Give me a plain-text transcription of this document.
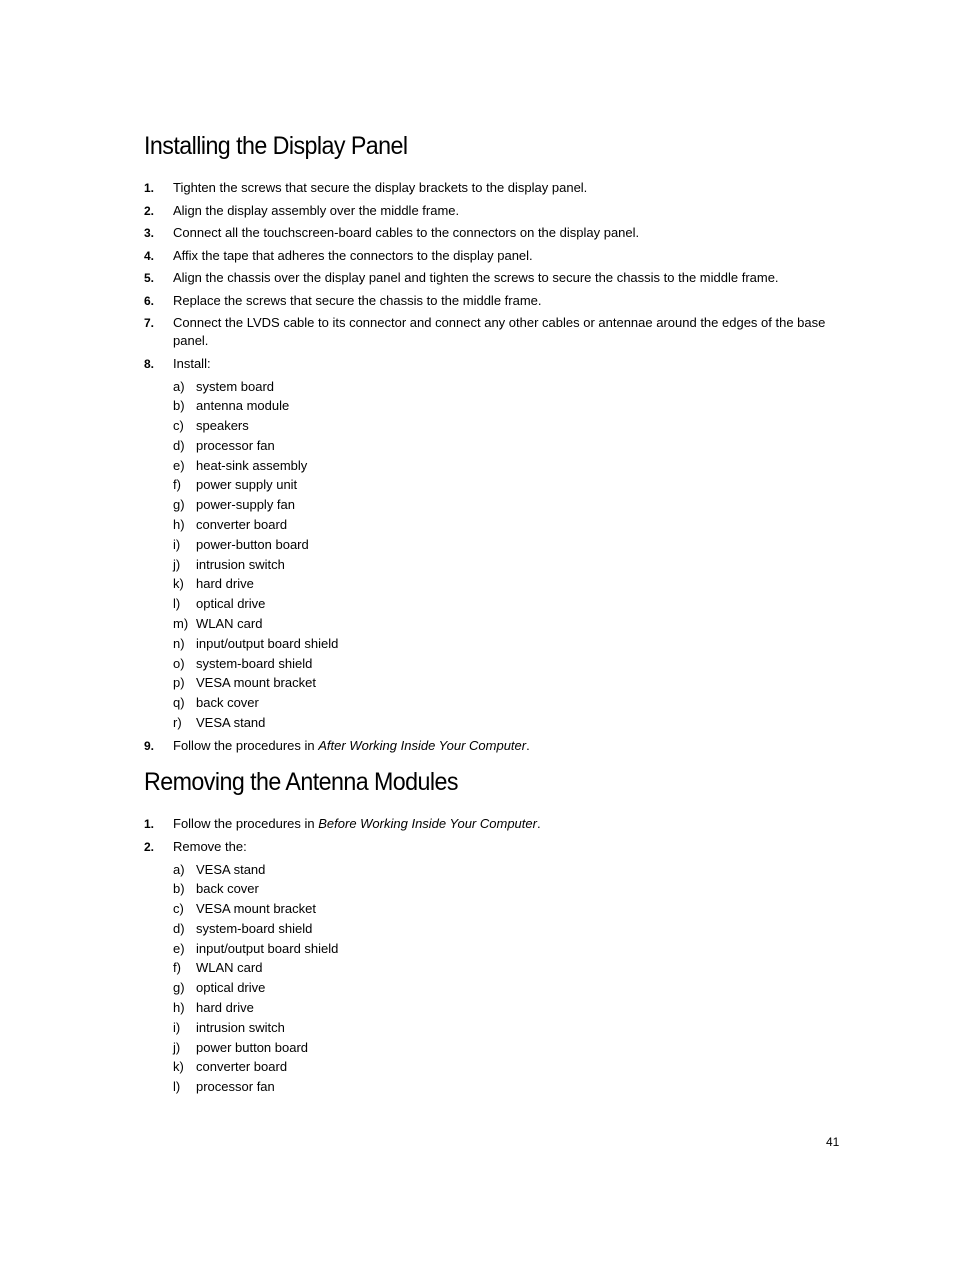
Installing the Display Panel
1. Tighten the screws that secure the display brackets to the display panel.
2. Align the display assembly over the middle frame.
3. Connect all the touchscreen-board cables to the connectors on the display panel.
4. Affix the tape that adheres the connectors to the display panel.
5. Align the chassis over the display panel and tighten the screws to secure the chassis to the middle frame.
6. Replace the screws that secure the chassis to the middle frame.
7. Connect the LVDS cable to its connector and connect any other cables or antennae around the edges of the base panel.
8. Install:
a) system board
b) antenna module
c) speakers
d) processor fan
e) heat-sink assembly
f) power supply unit
g) power-supply fan
h) converter board
i) power-button board
j) intrusion switch
k) hard drive
l) optical drive
m) WLAN card
n) input/output board shield
o) system-board shield
p) VESA mount bracket
q) back cover
r) VESA stand
9. Follow the procedures in After Working Inside Your Computer.
Removing the Antenna Modules
1. Follow the procedures in Before Working Inside Your Computer.
2. Remove the:
a) VESA stand
b) back cover
c) VESA mount bracket
d) system-board shield
e) input/output board shield
f) WLAN card
g) optical drive
h) hard drive
i) intrusion switch
j) power button board
k) converter board
l) processor fan
41
